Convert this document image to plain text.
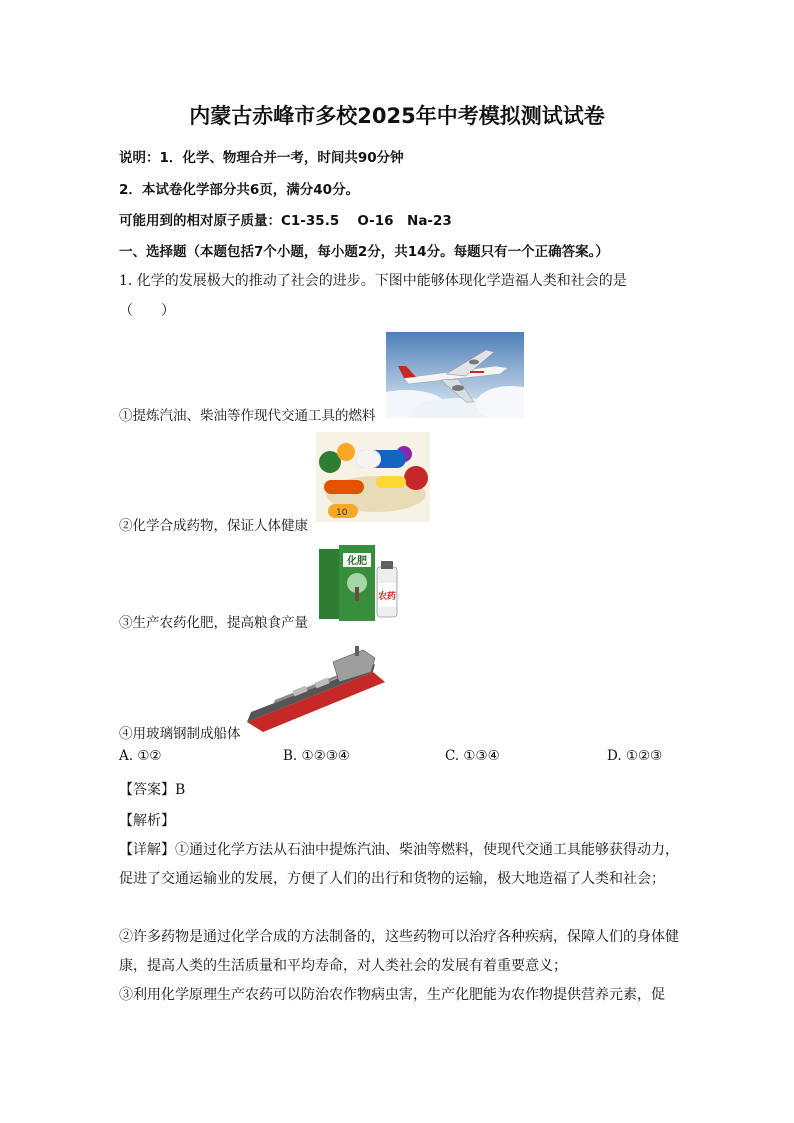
内蒙古赤峰市多校2025年中考模拟测试试卷
说明：1．化学、物理合并一考，时间共90分钟
2．本试卷化学部分共6页，满分40分。
可能用到的相对原子质量：C1-35.5　 O-16　Na-23
一、选择题（本题包括7个小题，每小题2分，共14分。每题只有一个正确答案。）
1. 化学的发展极大的推动了社会的进步。下图中能够体现化学造福人类和社会的是
（　　）
①提炼汽油、柴油等作现代交通工具的燃料
②化学合成药物，保证人体健康
10
③生产农药化肥，提高粮食产量
化肥
农药
④用玻璃钢制成船体
A. ①②	B. ①②③④	C. ①③④	D. ①②③
【答案】B
【解析】
【详解】①通过化学方法从石油中提炼汽油、柴油等燃料，使现代交通工具能够获得动力，促进了交通运输业的发展，方便了人们的出行和货物的运输，极大地造福了人类和社会；
②许多药物是通过化学合成的方法制备的，这些药物可以治疗各种疾病，保障人们的身体健康，提高人类的生活质量和平均寿命，对人类社会的发展有着重要意义；
③利用化学原理生产农药可以防治农作物病虫害，生产化肥能为农作物提供营养元素，促
